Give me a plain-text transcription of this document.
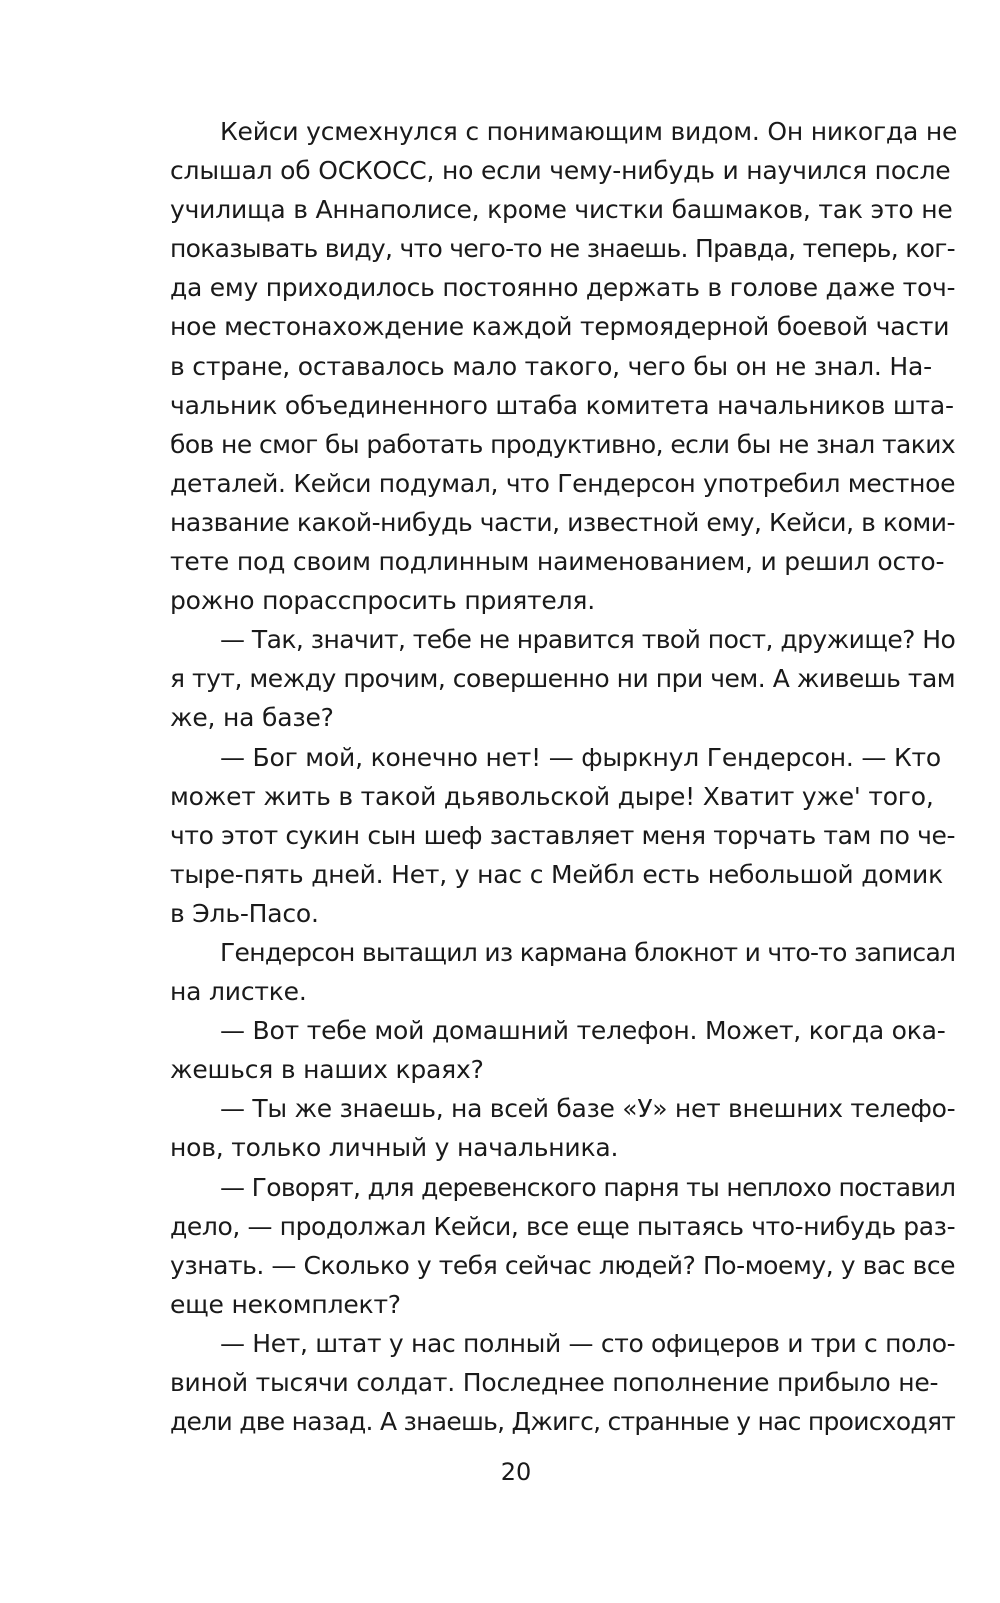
Кейси усмехнулся с понимающим видом. Он никогда не
слышал об ОСКОСС, но если чему-нибудь и научился после
училища в Аннаполисе, кроме чистки башмаков, так это не
показывать виду, что чего-то не знаешь. Правда, теперь, ког-
да ему приходилось постоянно держать в голове даже точ-
ное местонахождение каждой термоядерной боевой части
в стране, оставалось мало такого, чего бы он не знал. На-
чальник объединенного штаба комитета начальников шта-
бов не смог бы работать продуктивно, если бы не знал таких
деталей. Кейси подумал, что Гендерсон употребил местное
название какой-нибудь части, известной ему, Кейси, в коми-
тете под своим подлинным наименованием, и решил осто-
рожно порасспросить приятеля.

— Так, значит, тебе не нравится твой пост, дружище? Но
я тут, между прочим, совершенно ни при чем. А живешь там
же, на базе?

— Бог мой, конечно нет! — фыркнул Гендерсон. — Кто
может жить в такой дьявольской дыре! Хватит уже' того,
что этот сукин сын шеф заставляет меня торчать там по че-
тыре-пять дней. Нет, у нас с Мейбл есть небольшой домик
в Эль-Пасо.

Гендерсон вытащил из кармана блокнот и что-то записал
на листке.

— Вот тебе мой домашний телефон. Может, когда ока-
жешься в наших краях?

— Ты же знаешь, на всей базе «У» нет внешних телефо-
нов, только личный у начальника.

— Говорят, для деревенского парня ты неплохо поставил
дело, — продолжал Кейси, все еще пытаясь что-нибудь раз-
узнать. — Сколько у тебя сейчас людей? По-моему, у вас все
еще некомплект?

— Нет, штат у нас полный — сто офицеров и три с поло-
виной тысячи солдат. Последнее пополнение прибыло не-
дели две назад. А знаешь, Джигс, странные у нас происходят

20
